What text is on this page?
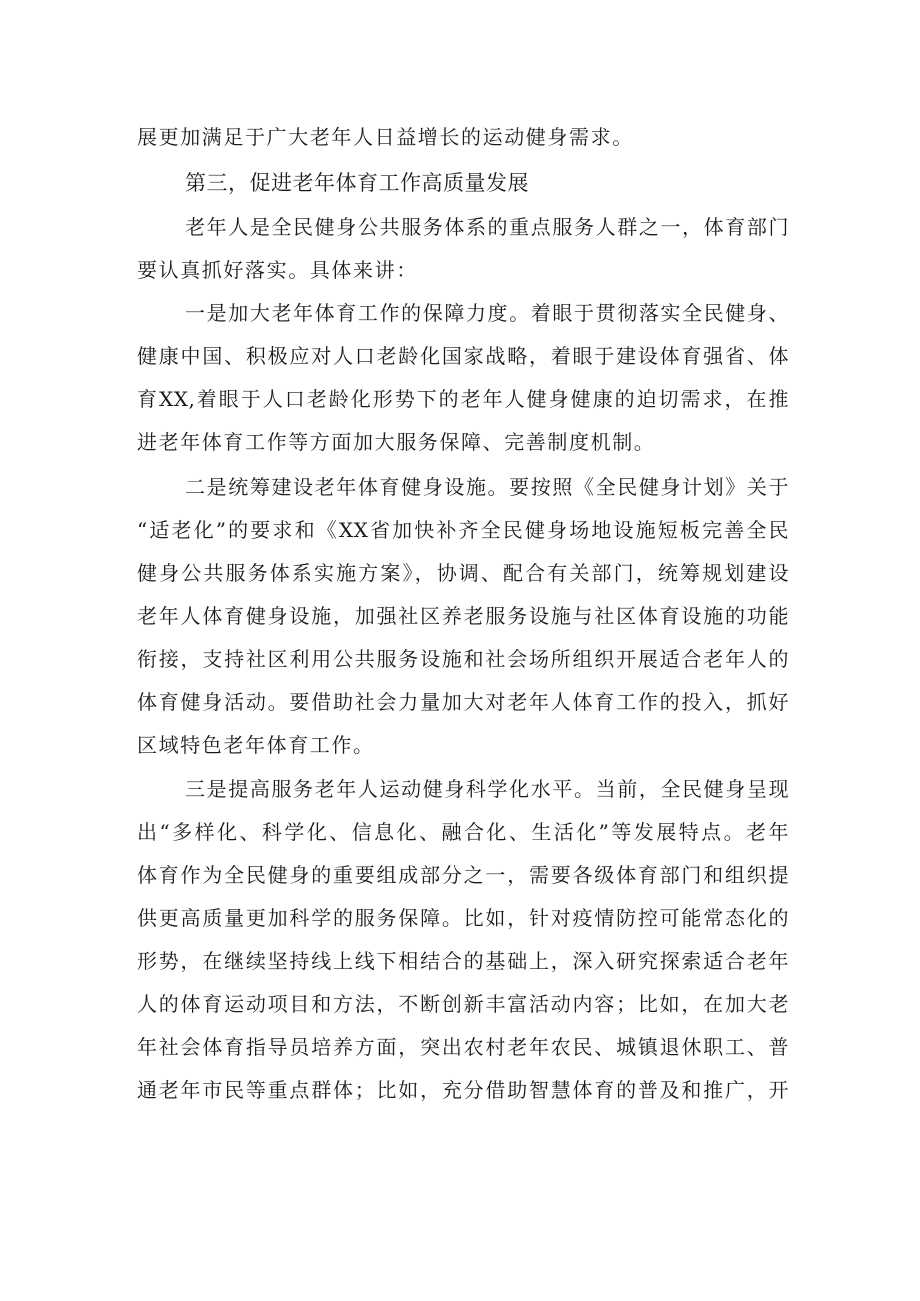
展更加满足于广大老年人日益增长的运动健身需求。
第三，促进老年体育工作高质量发展
老年人是全民健身公共服务体系的重点服务人群之一，体育部门
要认真抓好落实。具体来讲：
一是加大老年体育工作的保障力度。着眼于贯彻落实全民健身、
健康中国、积极应对人口老龄化国家战略，着眼于建设体育强省、体
育XX,着眼于人口老龄化形势下的老年人健身健康的迫切需求，在推
进老年体育工作等方面加大服务保障、完善制度机制。
二是统筹建设老年体育健身设施。要按照《全民健身计划》关于
“适老化”的要求和《XX省加快补齐全民健身场地设施短板完善全民
健身公共服务体系实施方案》，协调、配合有关部门，统筹规划建设
老年人体育健身设施，加强社区养老服务设施与社区体育设施的功能
衔接，支持社区利用公共服务设施和社会场所组织开展适合老年人的
体育健身活动。要借助社会力量加大对老年人体育工作的投入，抓好
区域特色老年体育工作。
三是提高服务老年人运动健身科学化水平。当前，全民健身呈现
出“多样化、科学化、信息化、融合化、生活化”等发展特点。老年
体育作为全民健身的重要组成部分之一，需要各级体育部门和组织提
供更高质量更加科学的服务保障。比如，针对疫情防控可能常态化的
形势，在继续坚持线上线下相结合的基础上，深入研究探索适合老年
人的体育运动项目和方法，不断创新丰富活动内容；比如，在加大老
年社会体育指导员培养方面，突出农村老年农民、城镇退休职工、普
通老年市民等重点群体；比如，充分借助智慧体育的普及和推广，开
